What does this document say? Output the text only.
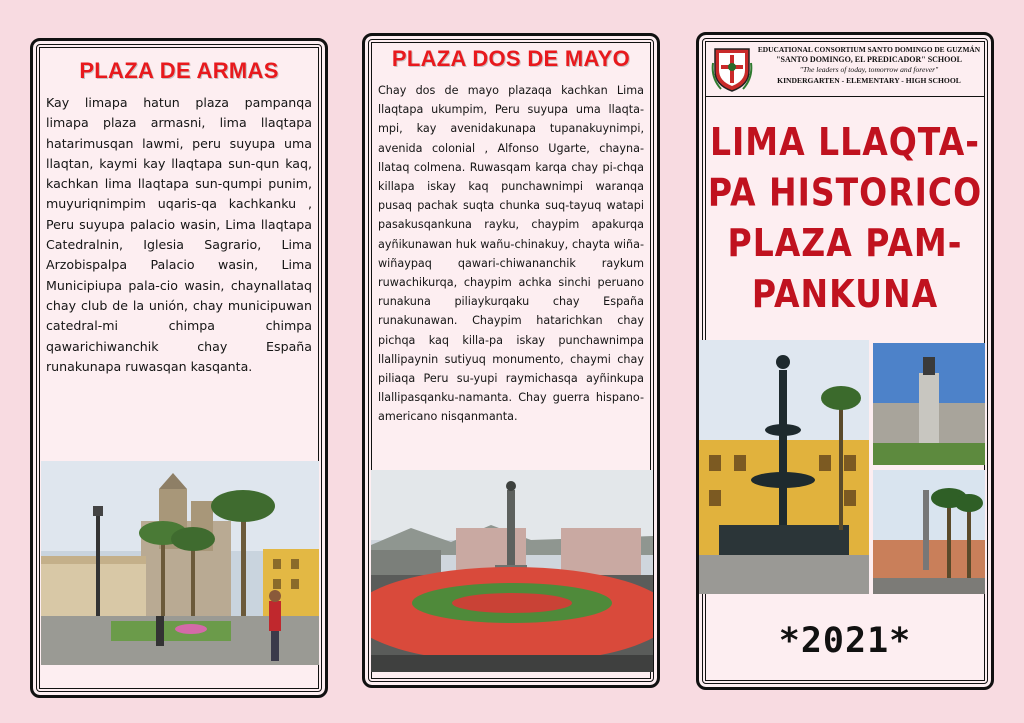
PLAZA DE ARMAS
Kay limapa hatun plaza pampanqa limapa plaza armasni, lima llaqtapa hatarimusqan lawmi, peru suyupa uma llaqtan, kaymi kay llaqtapa sun-qun kaq, kachkan lima llaqtapa sun-qumpi punim, muyuriqnimpim uqaris-qa kachkanku , Peru suyupa palacio wasin, Lima llaqtapa Catedralnin, Iglesia Sagrario, Lima Arzobispalpa Palacio wasin, Lima Municipiupa pala-cio wasin, chaynallataq chay club de la unión, chay municipuwan catedral-mi chimpa chimpa qawarichiwanchik chay España runakunapa ruwasqan kasqanta.
PLAZA DOS DE MAYO
Chay dos de mayo plazaqa kachkan Lima llaqtapa ukumpim, Peru suyupa uma llaqta-mpi, kay avenidakunapa tupanakuynimpi, avenida colonial , Alfonso Ugarte, chayna-llataq colmena. Ruwasqam karqa chay pi-chqa killapa iskay kaq punchawnimpi waranqa pusaq pachak suqta chunka suq-tayuq watapi pasakusqankuna rayku, chaypim apakurqa ayñikunawan huk wañu-chinakuy, chayta wiña-wiñaypaq qawari-chiwananchik raykum ruwachikurqa, chaypim achka sinchi peruano runakuna piliaykurqaku chay España runakunawan. Chaypim hatarichkan chay pichqa kaq killa-pa iskay punchawnimpa llallipaynin sutiyuq monumento, chaymi chay piliaqa Peru su-yupi raymichasqa ayñinkupa llallipasqanku-namanta. Chay guerra hispano-americano nisqanmanta.
EDUCATIONAL CONSORTIUM SANTO DOMINGO DE GUZMÁN
"SANTO DOMINGO, EL PREDICADOR" SCHOOL
"The leaders of today, tomorrow and forever"
KINDERGARTEN - ELEMENTARY - HIGH SCHOOL
LIMA LLAQTA-
PA HISTORICO
PLAZA PAM-
PANKUNA
*2021*
